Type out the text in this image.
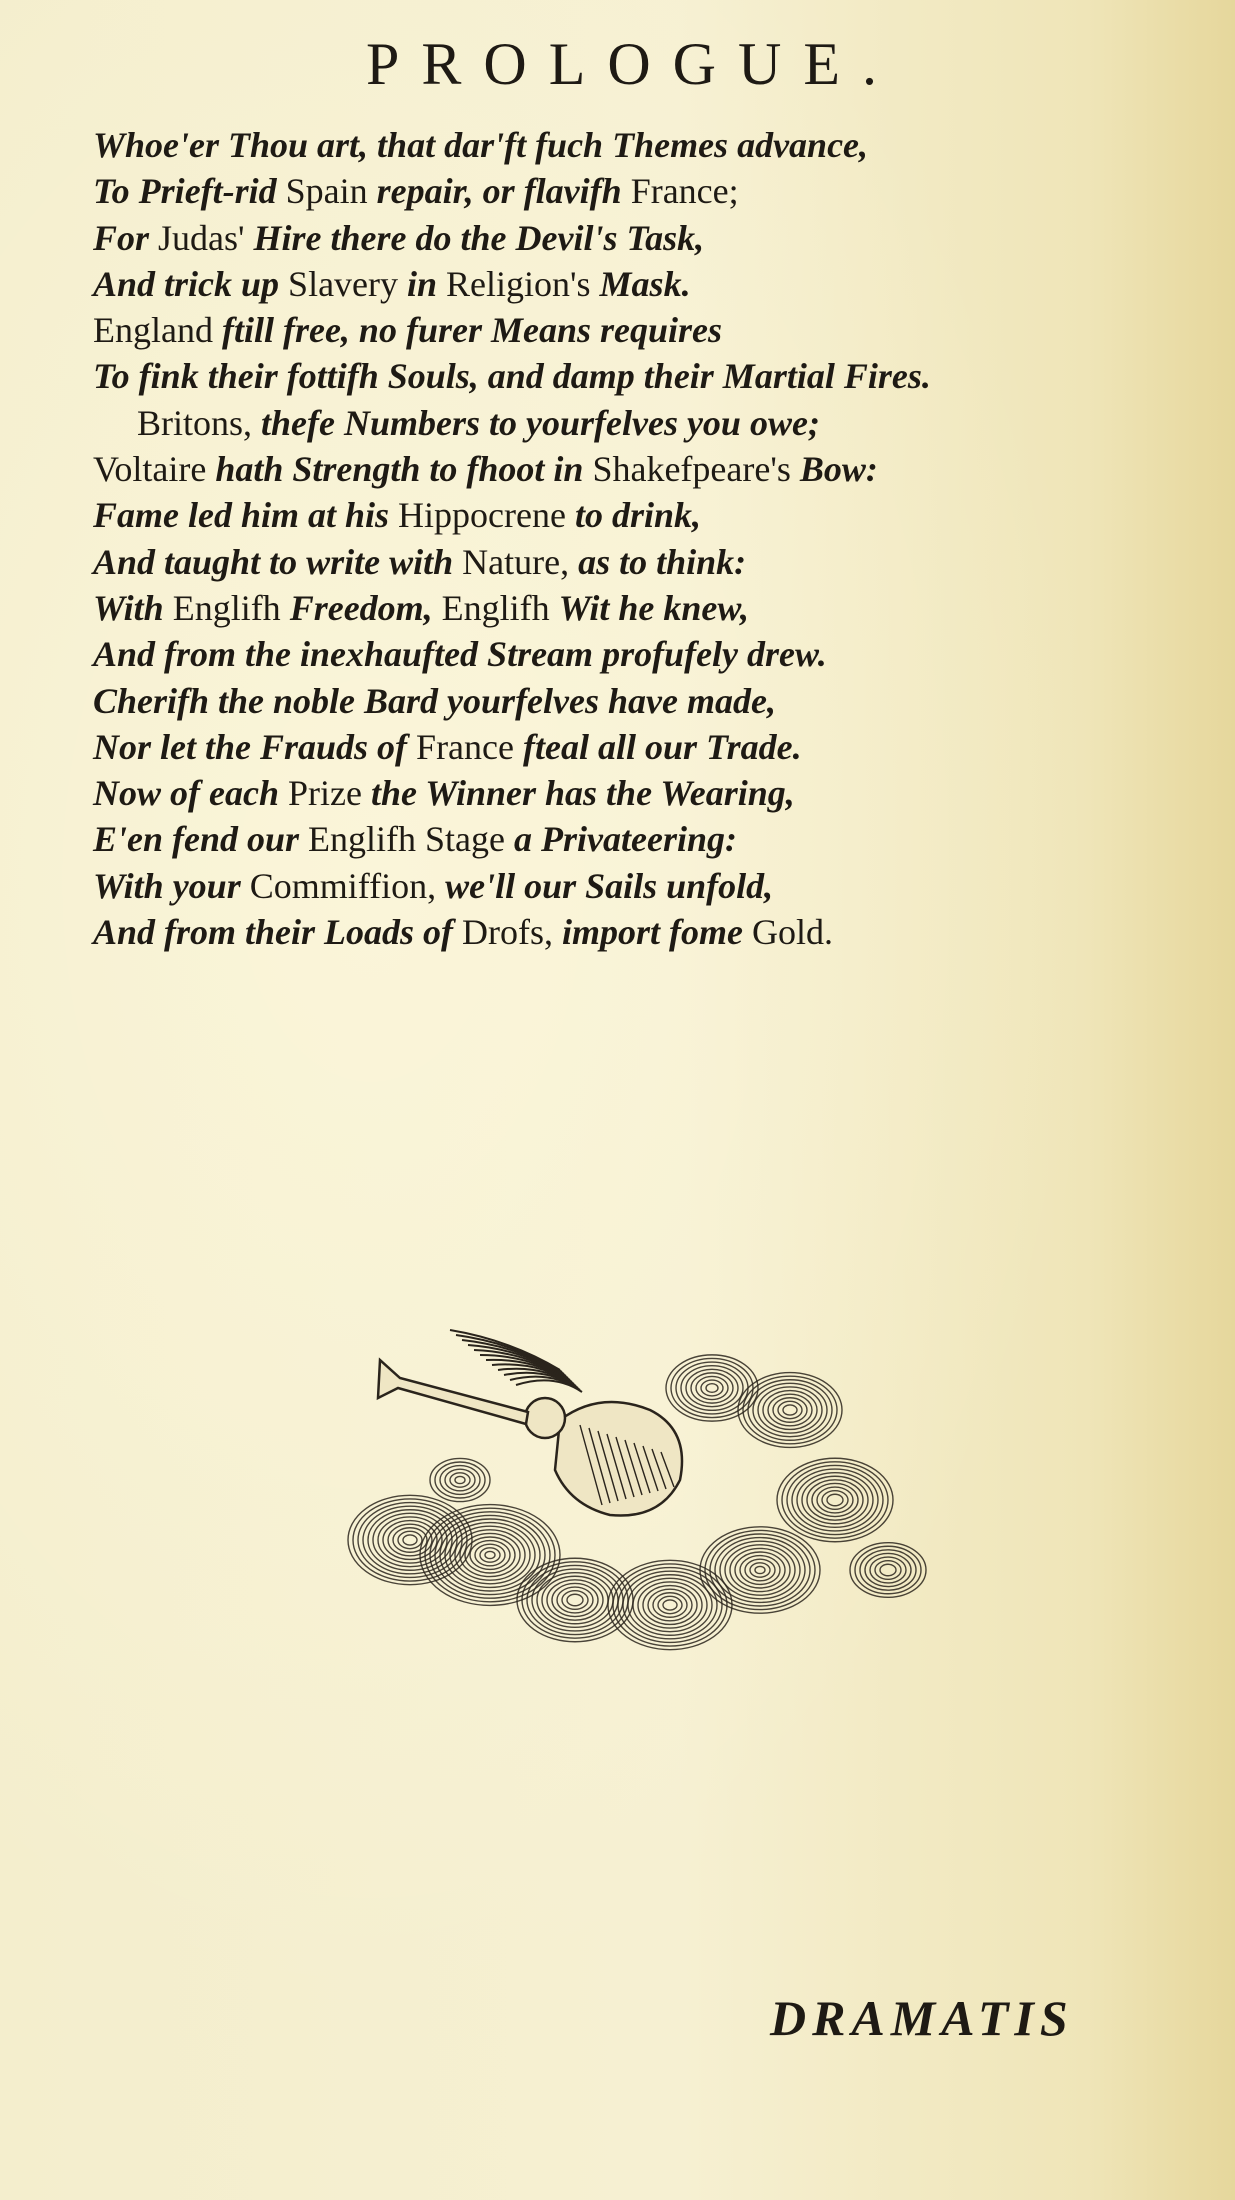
PROLOGUE.
Whoe'er Thou art, that dar'ft fuch Themes advance,
To Prieft-rid Spain repair, or flavifh France;
For Judas' Hire there do the Devil's Task,
And trick up Slavery in Religion's Mask.
England ftill free, no furer Means requires
To fink their fottifh Souls, and damp their Martial Fires.
Britons, thefe Numbers to yourfelves you owe;
Voltaire hath Strength to fhoot in Shakefpeare's Bow:
Fame led him at his Hippocrene to drink,
And taught to write with Nature, as to think:
With Englifh Freedom, Englifh Wit he knew,
And from the inexhaufted Stream profufely drew.
Cherifh the noble Bard yourfelves have made,
Nor let the Frauds of France fteal all our Trade.
Now of each Prize the Winner has the Wearing,
E'en fend our Englifh Stage a Privateering:
With your Commiffion, we'll our Sails unfold,
And from their Loads of Drofs, import fome Gold.
DRAMATIS
